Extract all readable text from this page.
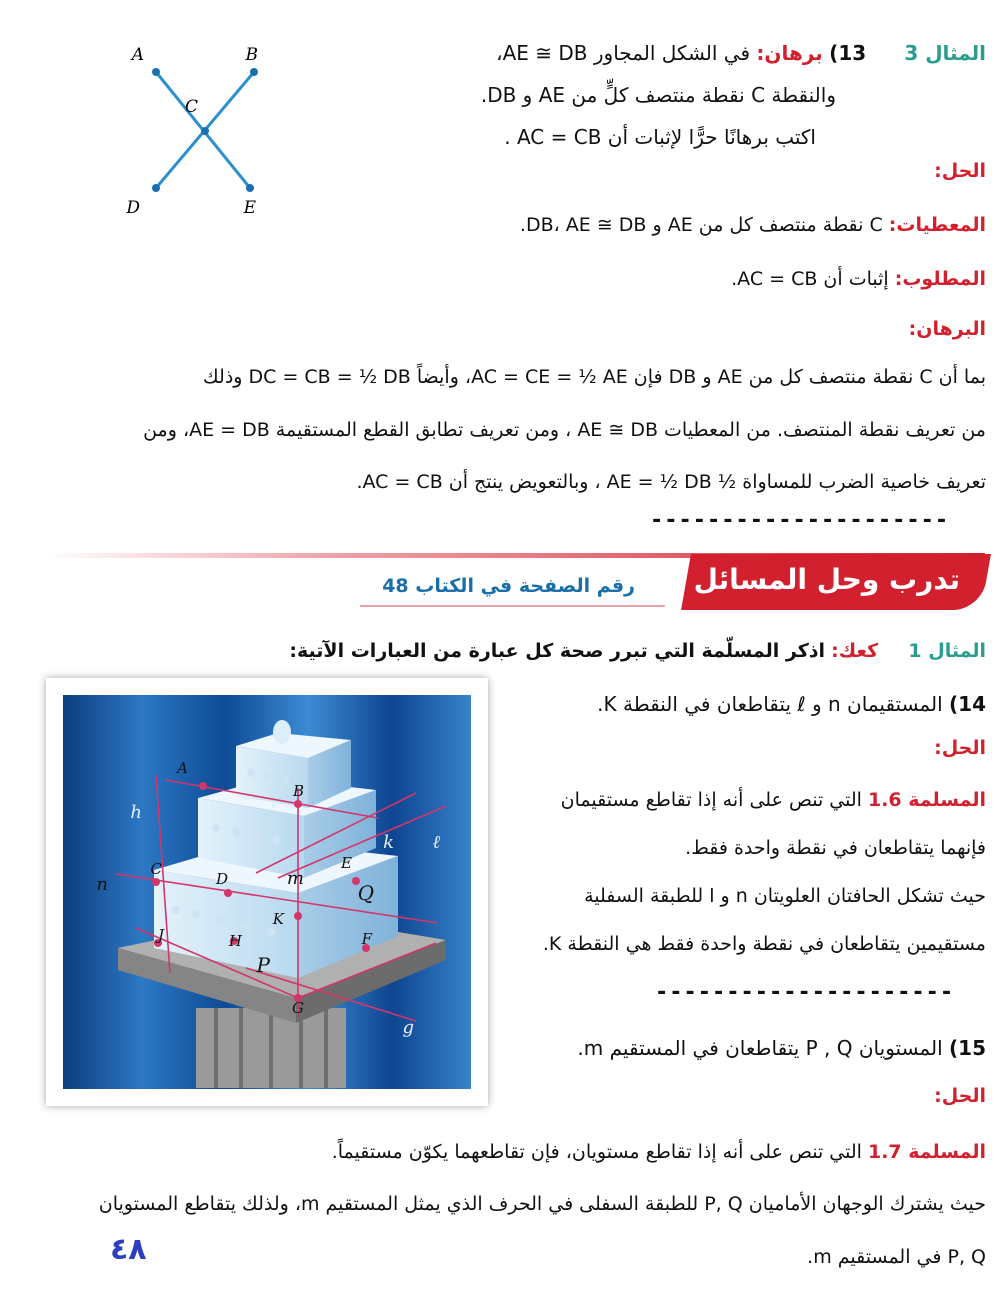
المثال 3      13) برهان: في الشكل المجاور AE ≅ DB،
والنقطة C نقطة منتصف كلٍّ من AE و DB.
اكتب برهانًا حرًّا لإثبات أن AC = CB .
A	B
C
D	E
الحل:
المعطيات: C نقطة منتصف كل من AE و DB، AE ≅ DB.
المطلوب: إثبات أن AC = CB.
البرهان:
بما أن C نقطة منتصف كل من AE و DB فإن AC = CE = ½ AE، وأيضاً DC = CB = ½ DB وذلك
من تعريف نقطة المنتصف. من المعطيات AE ≅ DB ، ومن تعريف تطابق القطع المستقيمة AE = DB، ومن
تعريف خاصية الضرب للمساواة ½ AE = ½ DB ، وبالتعويض ينتج أن AC = CB.
---------------------
تدرب وحل المسائل
رقم الصفحة في الكتاب 48
المثال 1     كعك: اذكر المسلّمة التي تبرر صحة كل عبارة من العبارات الآتية:
14) المستقيمان n و ℓ يتقاطعان في النقطة K.
الحل:
المسلمة 1.6 التي تنص على أنه إذا تقاطع مستقيمان
فإنهما يتقاطعان في نقطة واحدة فقط.
حيث تشكل الحافتان العلويتان n و l للطبقة السفلية
مستقيمين يتقاطعان في نقطة واحدة فقط هي النقطة K.
---------------------
15) المستويان P , Q يتقاطعان في المستقيم m.
الحل:
المسلمة 1.7 التي تنص على أنه إذا تقاطع مستويان، فإن تقاطعهما يكوّن مستقيماً.
حيث يشترك الوجهان الأماميان P, Q للطبقة السفلى في الحرف الذي يمثل المستقيم m، ولذلك يتقاطع المستويان
P, Q في المستقيم m.
٤٨
A
B
C
D
E
F
G
H
J
K
Q
P
h
k ℓ
n	m
g
